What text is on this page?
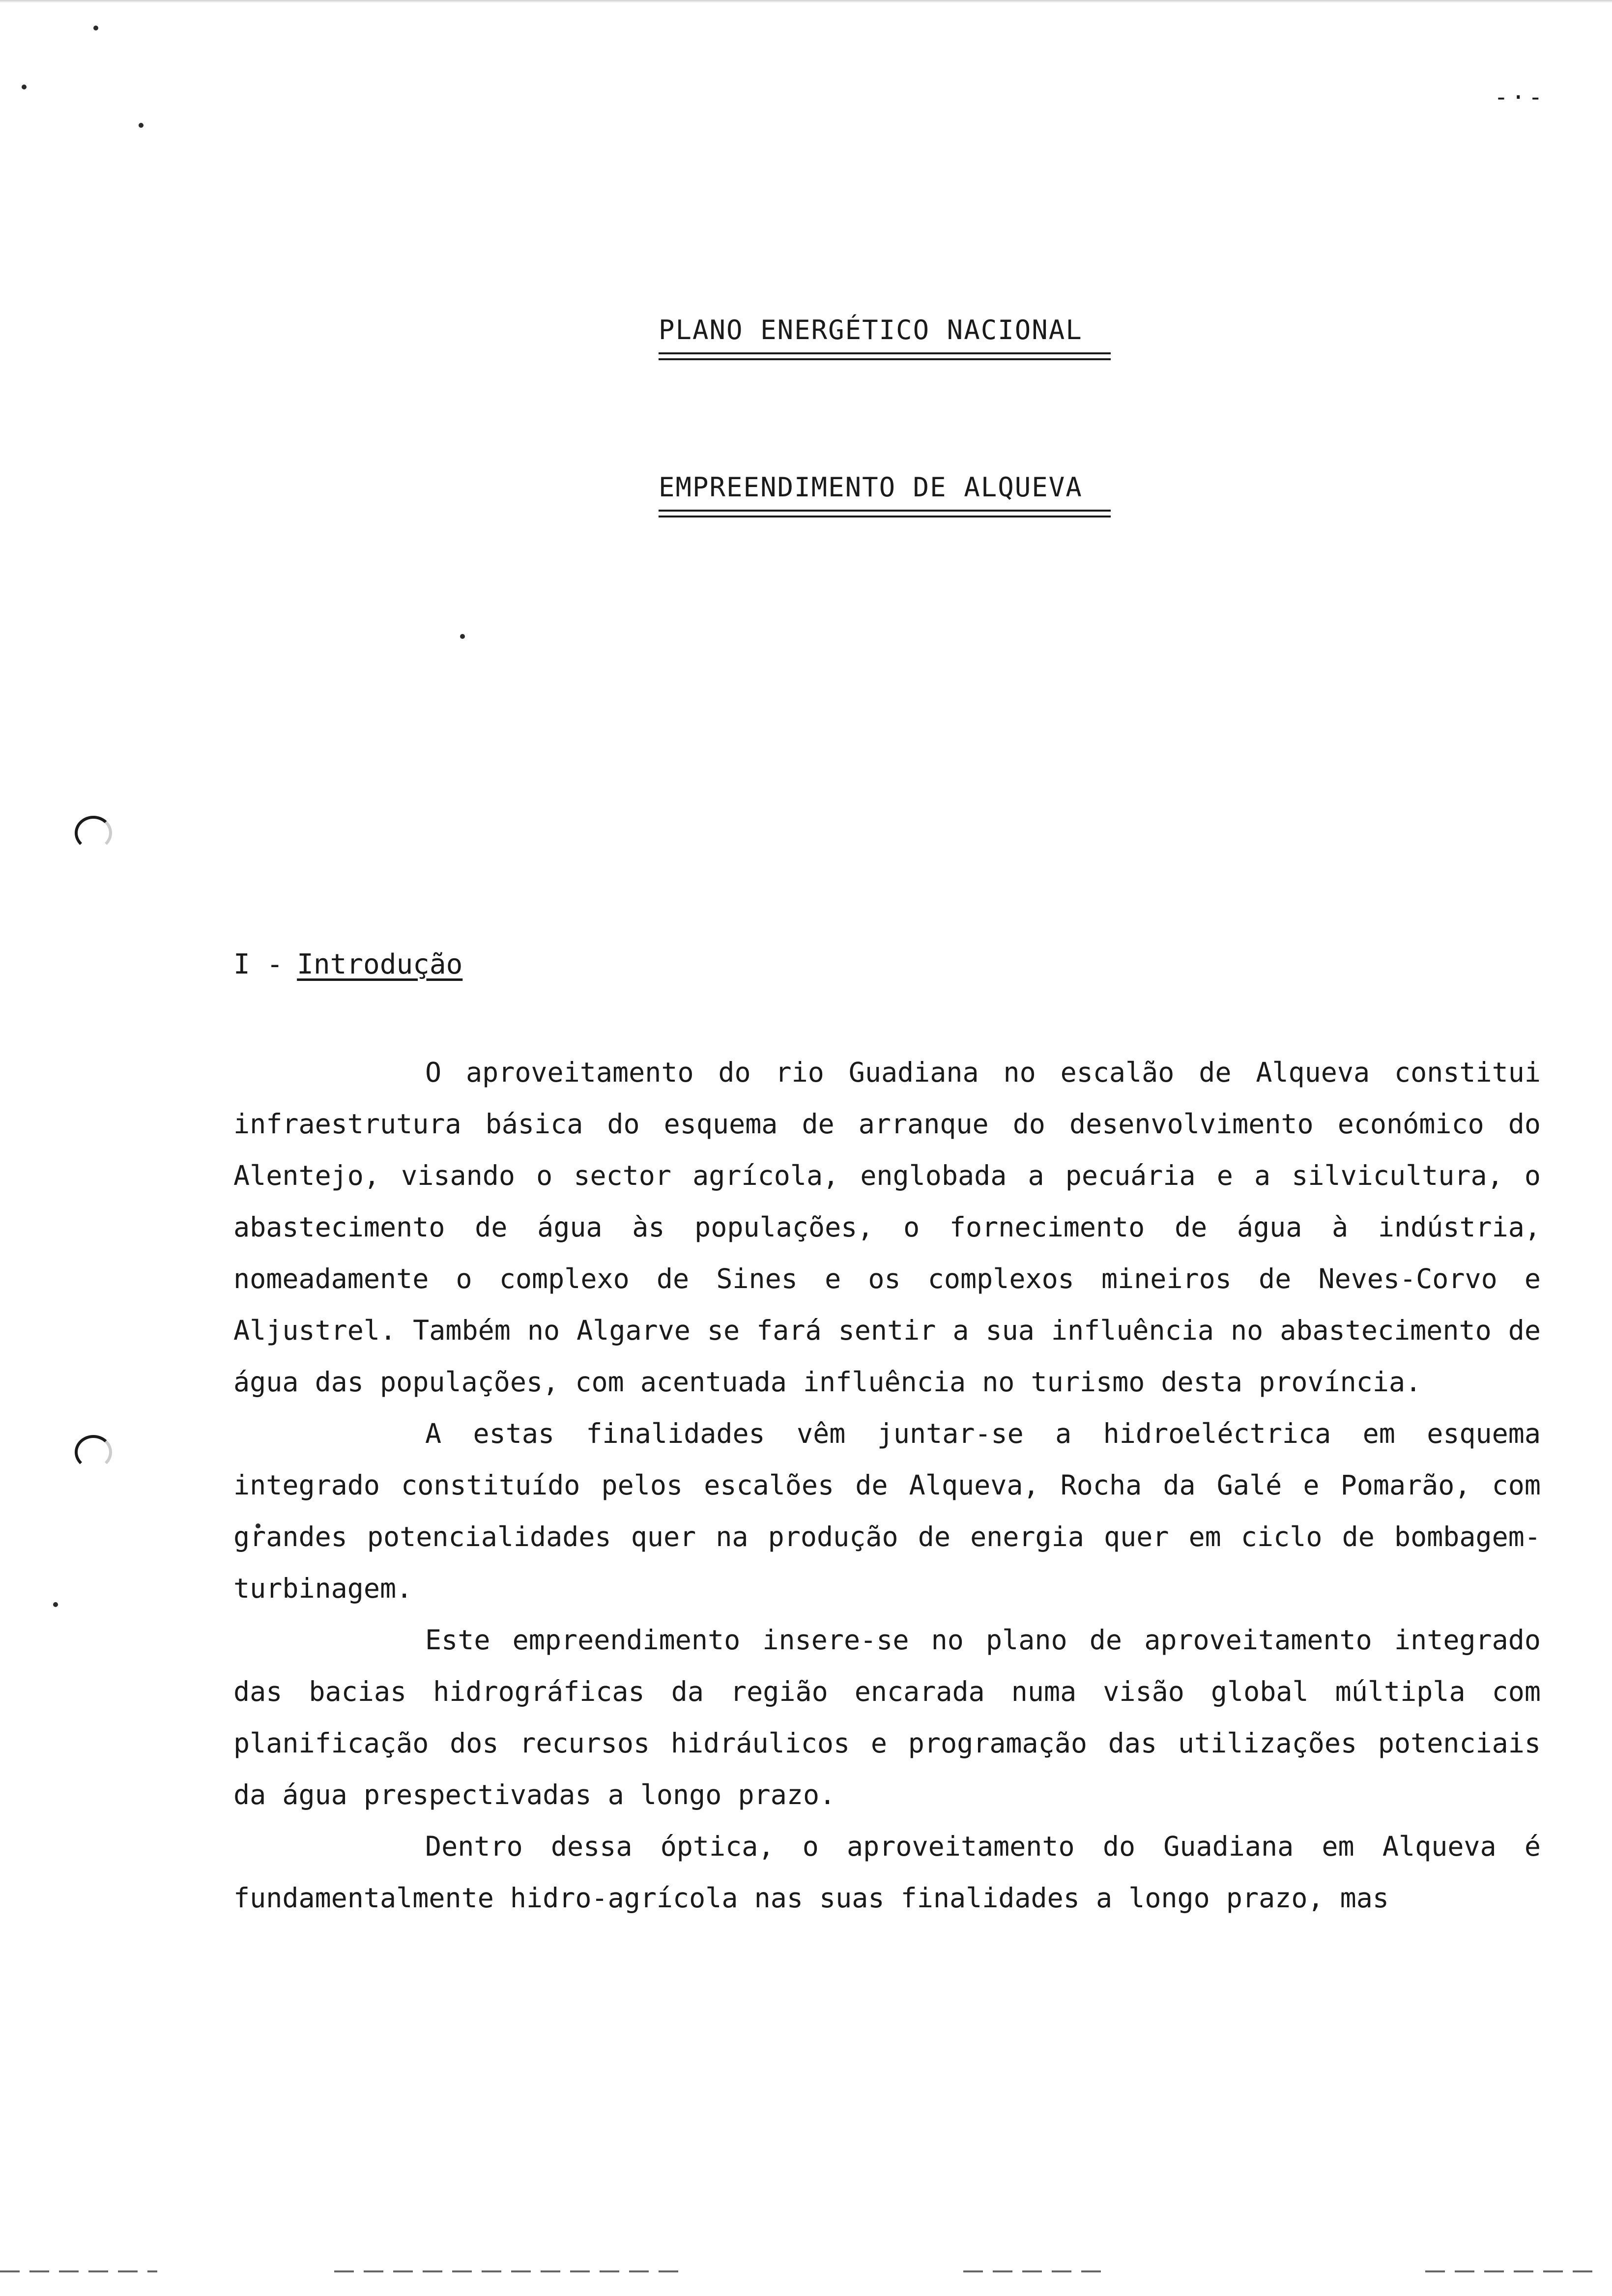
-·-
PLANO ENERGÉTICO NACIONAL
EMPREENDIMENTO DE ALQUEVA
I - Introdução

O aproveitamento do rio Guadiana no escalão de Alqueva constitui infraestrutura básica do esquema de arranque do desenvolvimento económico do Alentejo, visando o sector agrícola, englobada a pecuária e a silvicultura, o abastecimento de água às populações, o fornecimento de água à indústria, nomeadamente o complexo de Sines e os complexos mineiros de Neves-Corvo e Aljustrel. Também no Algarve se fará sentir a sua influência no abastecimento de água das populações, com acentuada influência no turismo desta província.

A estas finalidades vêm juntar-se a hidroeléctrica em esquema integrado constituído pelos escalões de Alqueva, Rocha da Galé e Pomarão, com grandes potencialidades quer na produção de energia quer em ciclo de bombagem-turbinagem.

Este empreendimento insere-se no plano de aproveitamento integrado das bacias hidrográficas da região encarada numa visão global múltipla com planificação dos recursos hidráulicos e programação das utilizações potenciais da água prespectivadas a longo prazo.

Dentro dessa óptica, o aproveitamento do Guadiana em Alqueva é fundamentalmente hidro-agrícola nas suas finalidades a longo prazo, mas
